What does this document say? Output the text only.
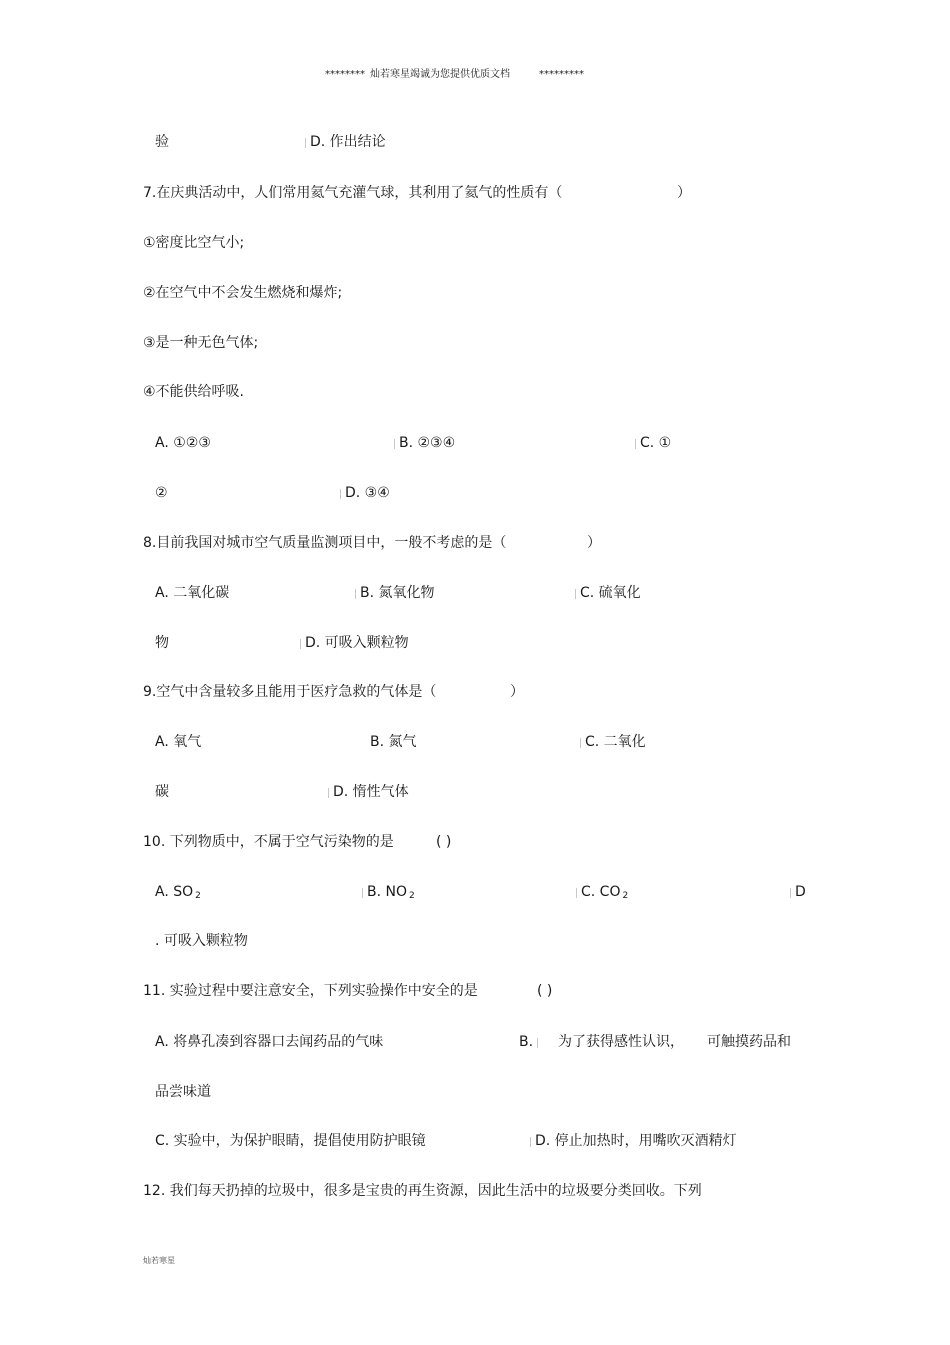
******** 灿若寒星竭诚为您提供优质文档	*********
验	D. 作出结论
7.在庆典活动中，人们常用氦气充灌气球，其利用了氦气的性质有（	）
①密度比空气小;
②在空气中不会发生燃烧和爆炸;
③是一种无色气体;
④不能供给呼吸.
A. ①②③	B. ②③④	C. ①
②	D. ③④
8.目前我国对城市空气质量监测项目中，一般不考虑的是（	）
A. 二氧化碳	B. 氮氧化物	C. 硫氧化
物	D. 可吸入颗粒物
9.空气中含量较多且能用于医疗急救的气体是（	）
A. 氧气	B. 氮气	C. 二氧化
碳	D. 惰性气体
10. 下列物质中，不属于空气污染物的是	( )
A. SO $_2$	B. NO $_2$	C. CO $_2$	D
. 可吸入颗粒物
11. 实验过程中要注意安全，下列实验操作中安全的是	( )
A. 将鼻孔凑到容器口去闻药品的气味	B. 为了获得感性认识， 可触摸药品和
品尝味道
C. 实验中，为保护眼睛，提倡使用防护眼镜	D. 停止加热时，用嘴吹灭酒精灯
12. 我们每天扔掉的垃圾中，很多是宝贵的再生资源，因此生活中的垃圾要分类回收。下列
灿若寒星
